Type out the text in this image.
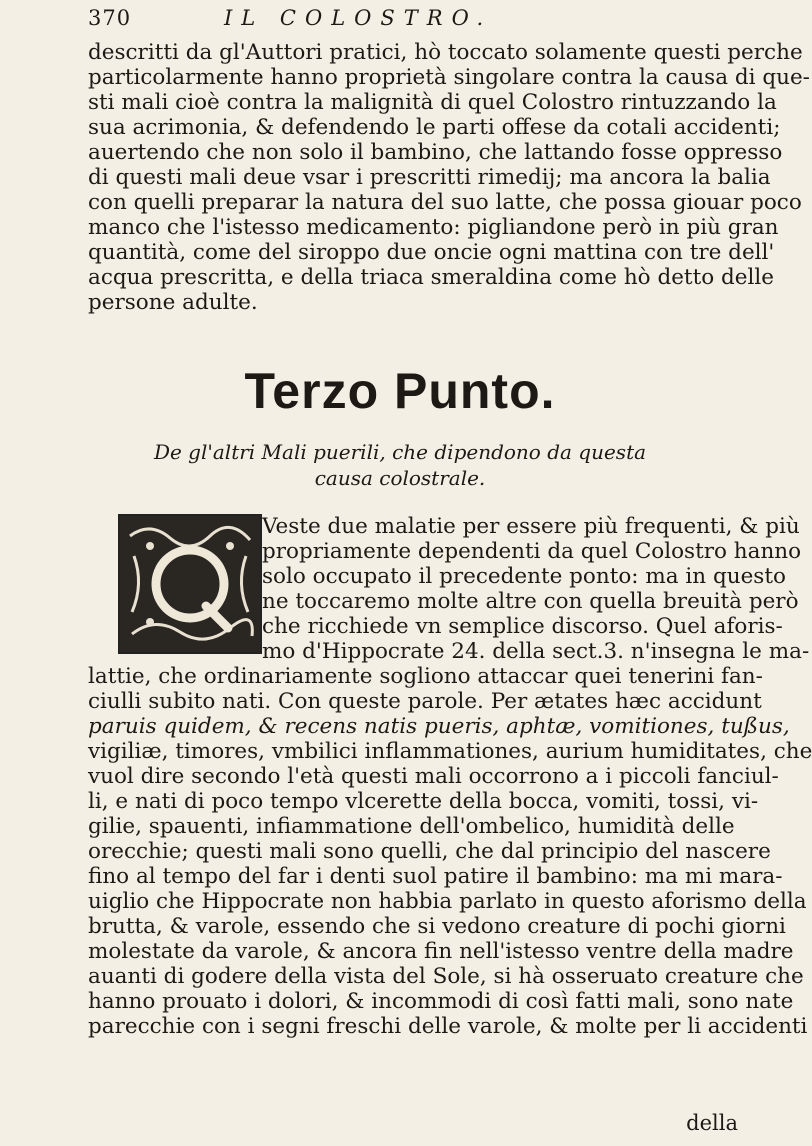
370	IL COLOSTRO.
descritti da gl'Auttori pratici, hò toccato solamente questi perche
particolarmente hanno proprietà singolare contra la causa di que-
sti mali cioè contra la malignità di quel Colostro rintuzzando la
sua acrimonia, & defendendo le parti offese da cotali accidenti;
auertendo che non solo il bambino, che lattando fosse oppresso
di questi mali deue vsar i prescritti rimedij; ma ancora la balia
con quelli preparar la natura del suo latte, che possa giouar poco
manco che l'istesso medicamento: pigliandone però in più gran
quantità, come del siroppo due oncie ogni mattina con tre dell'
acqua prescritta, e della triaca smeraldina come hò detto delle
persone adulte.
Terzo Punto.
De gl'altri Mali puerili, che dipendono da questa
causa colostrale.
Veste due malatie per essere più frequenti, & più
propriamente dependenti da quel Colostro hanno
solo occupato il precedente ponto: ma in questo
ne toccaremo molte altre con quella breuità però
che ricchiede vn semplice discorso. Quel aforis-
mo d'Hippocrate 24. della sect.3. n'insegna le ma-
lattie, che ordinariamente sogliono attaccar quei tenerini fan-
ciulli subito nati. Con queste parole. Per ætates hæc accidunt
paruis quidem, & recens natis pueris, aphtæ, vomitiones, tußus,
vigiliæ, timores, vmbilici inflammationes, aurium humiditates, che
vuol dire secondo l'età questi mali occorrono a i piccoli fanciul-
li, e nati di poco tempo vlcerette della bocca, vomiti, tossi, vi-
gilie, spauenti, infiammatione dell'ombelico, humidità delle
orecchie; questi mali sono quelli, che dal principio del nascere
fino al tempo del far i denti suol patire il bambino: ma mi mara-
uiglio che Hippocrate non habbia parlato in questo aforismo della
brutta, & varole, essendo che si vedono creature di pochi giorni
molestate da varole, & ancora fin nell'istesso ventre della madre
auanti di godere della vista del Sole, si hà osseruato creature che
hanno prouato i dolori, & incommodi di così fatti mali, sono nate
parecchie con i segni freschi delle varole, & molte per li accidenti
della
